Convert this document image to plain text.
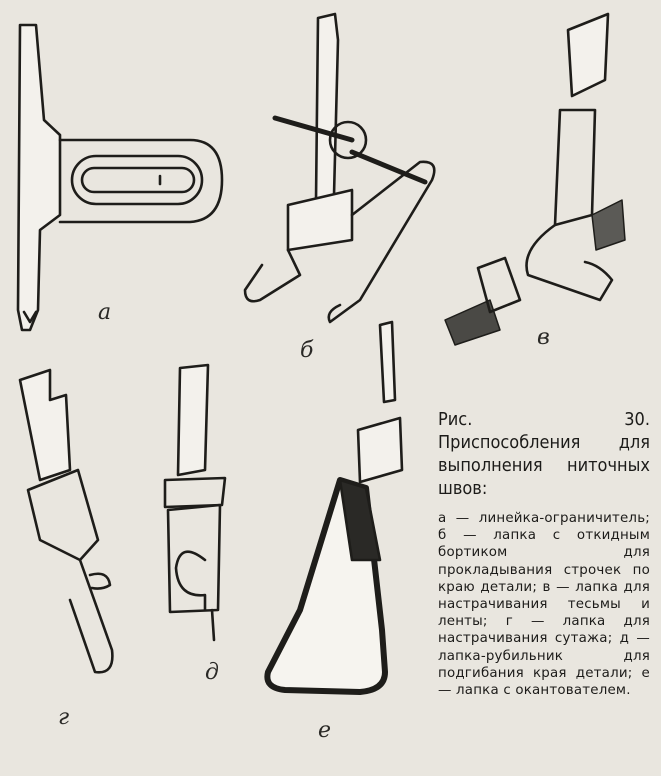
а
б
в
г
д
е

Рис. 30. Приспособления для выполнения ниточных швов:

а — линейка-ограничитель; б — лапка с откидным бортиком для прокладывания строчек по краю детали; в — лапка для настрачивания тесьмы и ленты; г — лапка для настрачивания сутажа; д — лапка-рубильник для подгибания края детали; е — лапка с окантователем.
